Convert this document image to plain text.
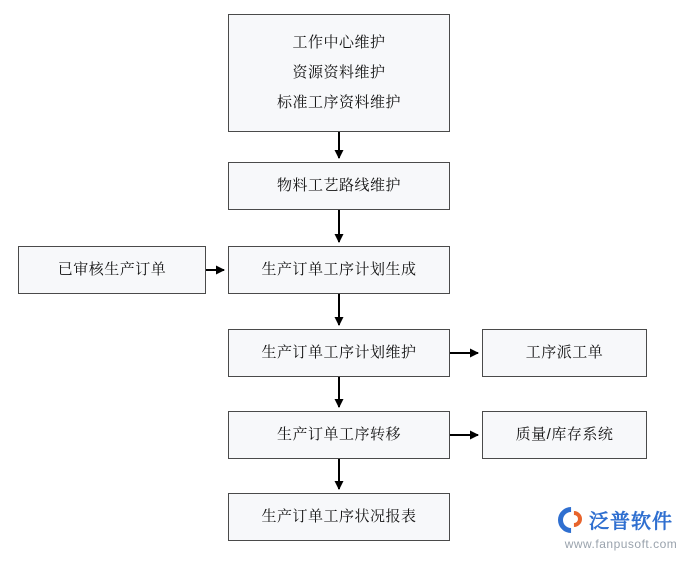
工作中心维护
资源资料维护
标准工序资料维护
物料工艺路线维护
已审核生产订单	生产订单工序计划生成
生产订单工序计划维护	工序派工单
生产订单工序转移	质量/库存系统
生产订单工序状况报表	泛普软件
www.fanpusoft.com
